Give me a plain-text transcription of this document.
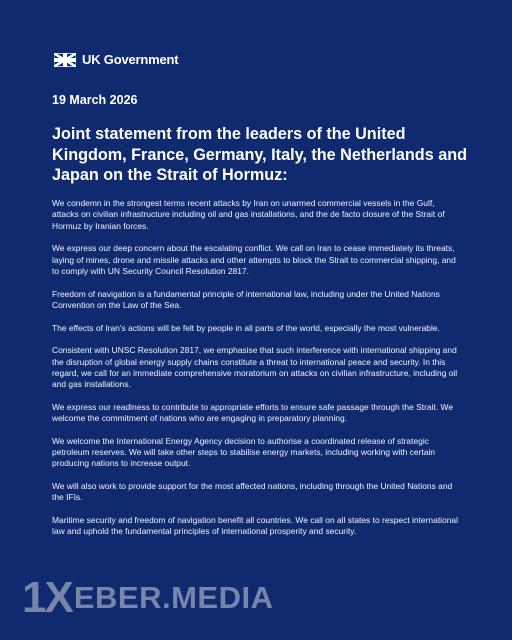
UK Government
19 March 2026
Joint statement from the leaders of the United Kingdom, France, Germany, Italy, the Netherlands and Japan on the Strait of Hormuz:

We condemn in the strongest terms recent attacks by Iran on unarmed commercial vessels in the Gulf, attacks on civilian infrastructure including oil and gas installations, and the de facto closure of the Strait of Hormuz by Iranian forces.

We express our deep concern about the escalating conflict. We call on Iran to cease immediately its threats, laying of mines, drone and missile attacks and other attempts to block the Strait to commercial shipping, and to comply with UN Security Council Resolution 2817.

Freedom of navigation is a fundamental principle of international law, including under the United Nations Convention on the Law of the Sea.

The effects of Iran's actions will be felt by people in all parts of the world, especially the most vulnerable.

Consistent with UNSC Resolution 2817, we emphasise that such interference with international shipping and the disruption of global energy supply chains constitute a threat to international peace and security. In this regard, we call for an immediate comprehensive moratorium on attacks on civilian infrastructure, including oil and gas installations.

We express our readiness to contribute to appropriate efforts to ensure safe passage through the Strait. We welcome the commitment of nations who are engaging in preparatory planning.

We welcome the International Energy Agency decision to authorise a coordinated release of strategic petroleum reserves. We will take other steps to stabilise energy markets, including working with certain producing nations to increase output.

We will also work to provide support for the most affected nations, including through the United Nations and the IFIs.

Maritime security and freedom of navigation benefit all countries. We call on all states to respect international law and uphold the fundamental principles of international prosperity and security.

1X EBER.MEDIA
